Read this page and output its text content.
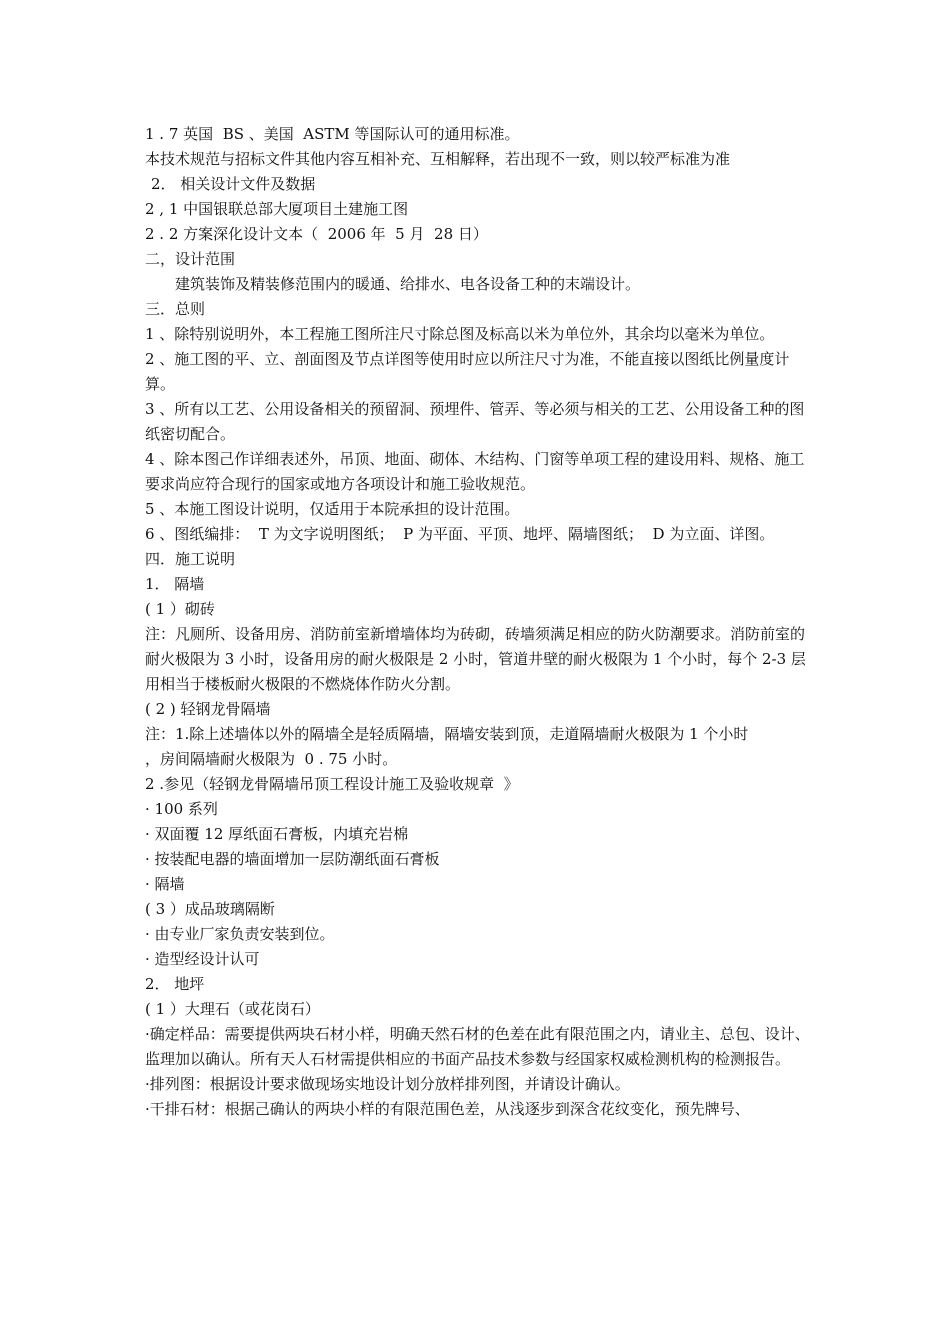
1 . 7 英国  BS 、美国  ASTM 等国际认可的通用标准。

本技术规范与招标文件其他内容互相补充、互相解释，若出现不一致，则以较严标准为准

2． 相关设计文件及数据

2 , 1 中国银联总部大厦项目土建施工图

2 . 2 方案深化设计文本（  2006 年  5 月  28 日）

二，设计范围

建筑装饰及精装修范围内的暖通、给排水、电各设备工种的末端设计。

三．总则

1 、除特别说明外，本工程施工图所注尺寸除总图及标高以米为单位外，其余均以毫米为单位。

2 、施工图的平、立、剖面图及节点详图等使用时应以所注尺寸为准，不能直接以图纸比例量度计算。

3 、所有以工艺、公用设备相关的预留洞、预埋件、管弄、等必须与相关的工艺、公用设备工种的图纸密切配合。

4 、除本图己作详细表述外，吊顶、地面、砌体、木结构、门窗等单项工程的建设用料、规格、施工要求尚应符合现行的国家或地方各项设计和施工验收规范。

5 、本施工图设计说明，仅适用于本院承担的设计范围。

6 、图纸编排：  T 为文字说明图纸；  P 为平面、平顶、地坪、隔墙图纸；  D 为立面、详图。

四．施工说明

1． 隔墙

( 1 ）砌砖

注：凡厕所、设备用房、消防前室新增墙体均为砖砌，砖墙须满足相应的防火防潮要求。消防前室的耐火极限为 3 小时，设备用房的耐火极限是 2 小时，管道井壁的耐火极限为 1 个小时，每个 2-3 层用相当于楼板耐火极限的不燃烧体作防火分割。

( 2 ) 轻钢龙骨隔墙

注：1.除上述墙体以外的隔墙全是轻质隔墙，隔墙安装到顶，走道隔墙耐火极限为 1 个小时

，房间隔墙耐火极限为  0 . 75 小时。

2 .参见（轻钢龙骨隔墙吊顶工程设计施工及验收规章  》

· 100 系列

· 双面覆 12 厚纸面石膏板，内填充岩棉

· 按装配电器的墙面增加一层防潮纸面石膏板

· 隔墙

( 3 ）成品玻璃隔断

· 由专业厂家负责安装到位。

· 造型经设计认可

2． 地坪

( 1 ）大理石（或花岗石）

·确定样品：需要提供两块石材小样，明确天然石材的色差在此有限范围之内，请业主、总包、设计、监理加以确认。所有天人石材需提供相应的书面产品技术参数与经国家权威检测机构的检测报告。

·排列图：根据设计要求做现场实地设计划分放样排列图，并请设计确认。

·干排石材：根据己确认的两块小样的有限范围色差，从浅逐步到深含花纹变化，预先牌号、
